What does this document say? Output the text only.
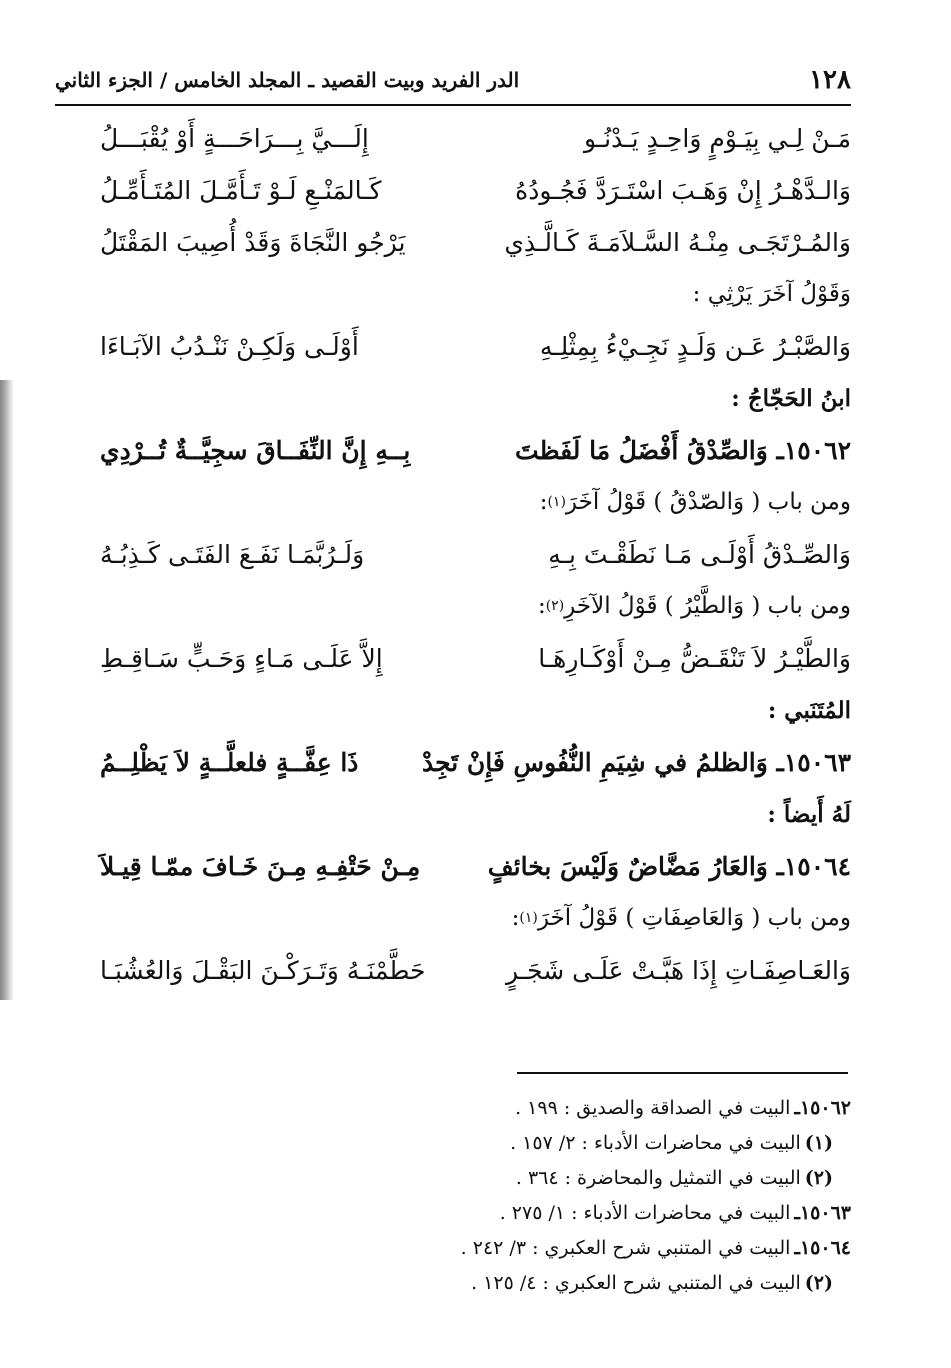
١٢٨
الدر الفريد وبيت القصيد ـ المجلد الخامس / الجزء الثاني
مَـنْ لِـي بِيَـوْمٍ وَاحِـدٍ يَـدْنُـو
إِلَـــيَّ بِـــرَاحَـــةٍ أَوْ يُقْبَـــلُ
وَالـدَّهْـرُ إِنْ وَهَـبَ اسْتَـرَدَّ فَجُـودُهُ
كَـالمَنْـعِ لَـوْ تَـأَمَّـلَ المُتَـأَمِّـلُ
وَالمُـرْتَجَـى مِنْـهُ السَّـلاَمَـةَ كَـالَّـذِي
يَرْجُو النَّجَاةَ وَقَدْ أُصِيبَ المَقْتَلُ
وَقَوْلُ آخَرَ يَرْثِي :
وَالصَّبْـرُ عَـن وَلَـدٍ نَجِـيْءُ بِمِثْلِـهِ
أَوْلَـى وَلَكِـنْ نَنْـدُبُ الآبَـاءَا
ابنُ الحَجّاجُ :
١٥٠٦٢ـ وَالصِّدْقُ أَفْضَلُ مَا لَفَظتَ
بِــهِ إِنَّ النِّفَــاقَ سجِيَّــةٌ تُــرْدِي
ومن باب ( وَالصّدْقُ ) قَوْلُ آخَرَ
(١)
:
وَالصِّـدْقُ أَوْلَـى مَـا نَطَقْـتَ بِـهِ
وَلَـرُبَّمَـا نَفَـعَ الفَتَـى كَـذِبُـهُ
ومن باب ( وَالطَّيْرُ ) قَوْلُ الآخَرِ
(٢)
:
وَالطَّيْـرُ لاَ تَنْقَـضُّ مِـنْ أَوْكَـارِهَـا
إِلاَّ عَلَـى مَـاءٍ وَحَـبٍّ سَـاقِـطِ
المُتَنَبي :
١٥٠٦٣ـ وَالظلمُ في شِيَمِ النُّفُوسِ فَإِنْ تَجِدْ
ذَا عِفَّــةٍ فلعلَّــةٍ لاَ يَظْلِــمُ
لَهُ أَيضاً :
١٥٠٦٤ـ وَالعَارُ مَضَّاضٌ وَلَيْسَ بخائفٍ
مِـنْ حَتْفِـهِ مِـنَ خَـافَ ممّـا قِيـلاَ
ومن باب ( وَالعَاصِفَاتِ ) قَوْلُ آخَرَ
(١)
:
وَالعَـاصِفَـاتِ إِذَا هَبَّـتْ عَلَـى شَجَـرٍ
حَطَّمْنَـهُ وَتَـرَكْـنَ البَقْـلَ وَالعُشُبَـا
١٥٠٦٢ـ
البيت في الصداقة والصديق : ١٩٩ .
(١)
البيت في محاضرات الأدباء : ٢/ ١٥٧ .
(٢)
البيت في التمثيل والمحاضرة : ٣٦٤ .
١٥٠٦٣ـ
البيت في محاضرات الأدباء : ١/ ٢٧٥ .
١٥٠٦٤ـ
البيت في المتنبي شرح العكبري : ٣/ ٢٤٢ .
(٢)
البيت في المتنبي شرح العكبري : ٤/ ١٢٥ .
